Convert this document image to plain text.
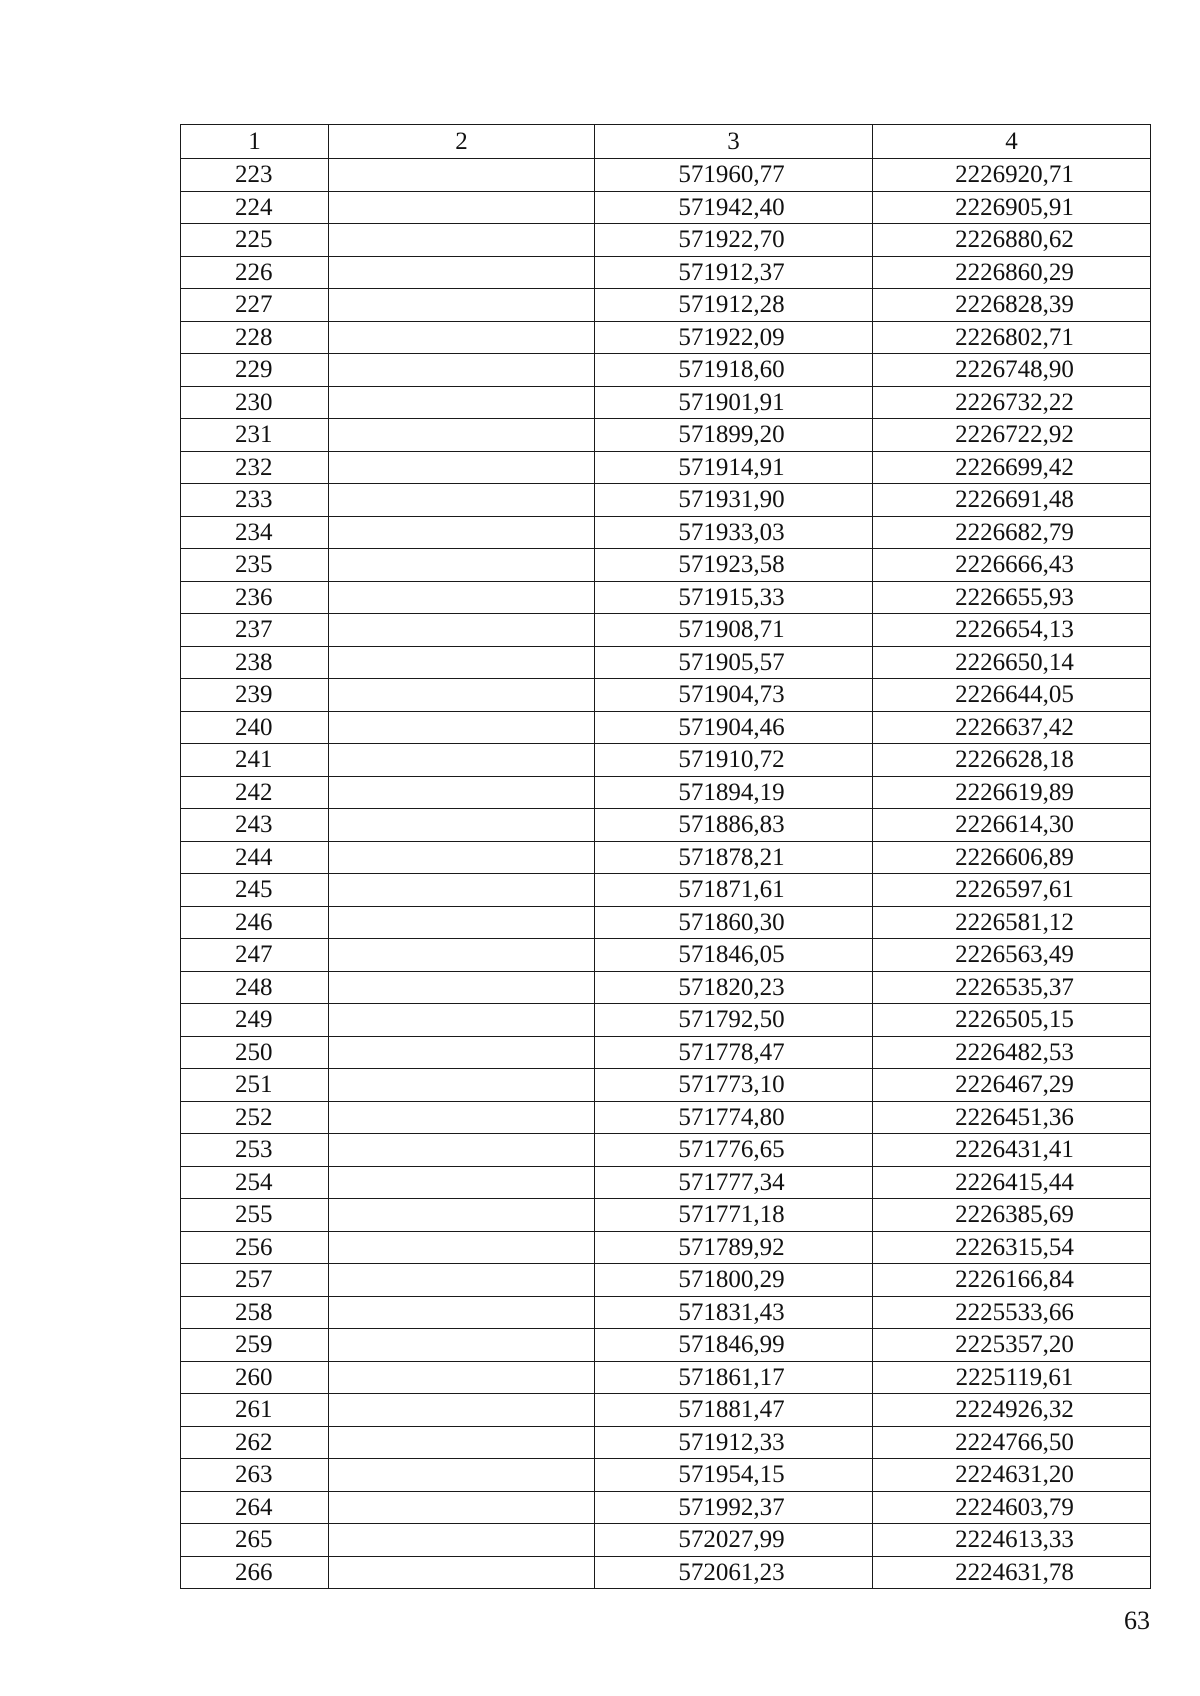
1	2	3	4
223		571960,77	2226920,71
224		571942,40	2226905,91
225		571922,70	2226880,62
226		571912,37	2226860,29
227		571912,28	2226828,39
228		571922,09	2226802,71
229		571918,60	2226748,90
230		571901,91	2226732,22
231		571899,20	2226722,92
232		571914,91	2226699,42
233		571931,90	2226691,48
234		571933,03	2226682,79
235		571923,58	2226666,43
236		571915,33	2226655,93
237		571908,71	2226654,13
238		571905,57	2226650,14
239		571904,73	2226644,05
240		571904,46	2226637,42
241		571910,72	2226628,18
242		571894,19	2226619,89
243		571886,83	2226614,30
244		571878,21	2226606,89
245		571871,61	2226597,61
246		571860,30	2226581,12
247		571846,05	2226563,49
248		571820,23	2226535,37
249		571792,50	2226505,15
250		571778,47	2226482,53
251		571773,10	2226467,29
252		571774,80	2226451,36
253		571776,65	2226431,41
254		571777,34	2226415,44
255		571771,18	2226385,69
256		571789,92	2226315,54
257		571800,29	2226166,84
258		571831,43	2225533,66
259		571846,99	2225357,20
260		571861,17	2225119,61
261		571881,47	2224926,32
262		571912,33	2224766,50
263		571954,15	2224631,20
264		571992,37	2224603,79
265		572027,99	2224613,33
266		572061,23	2224631,78
63
